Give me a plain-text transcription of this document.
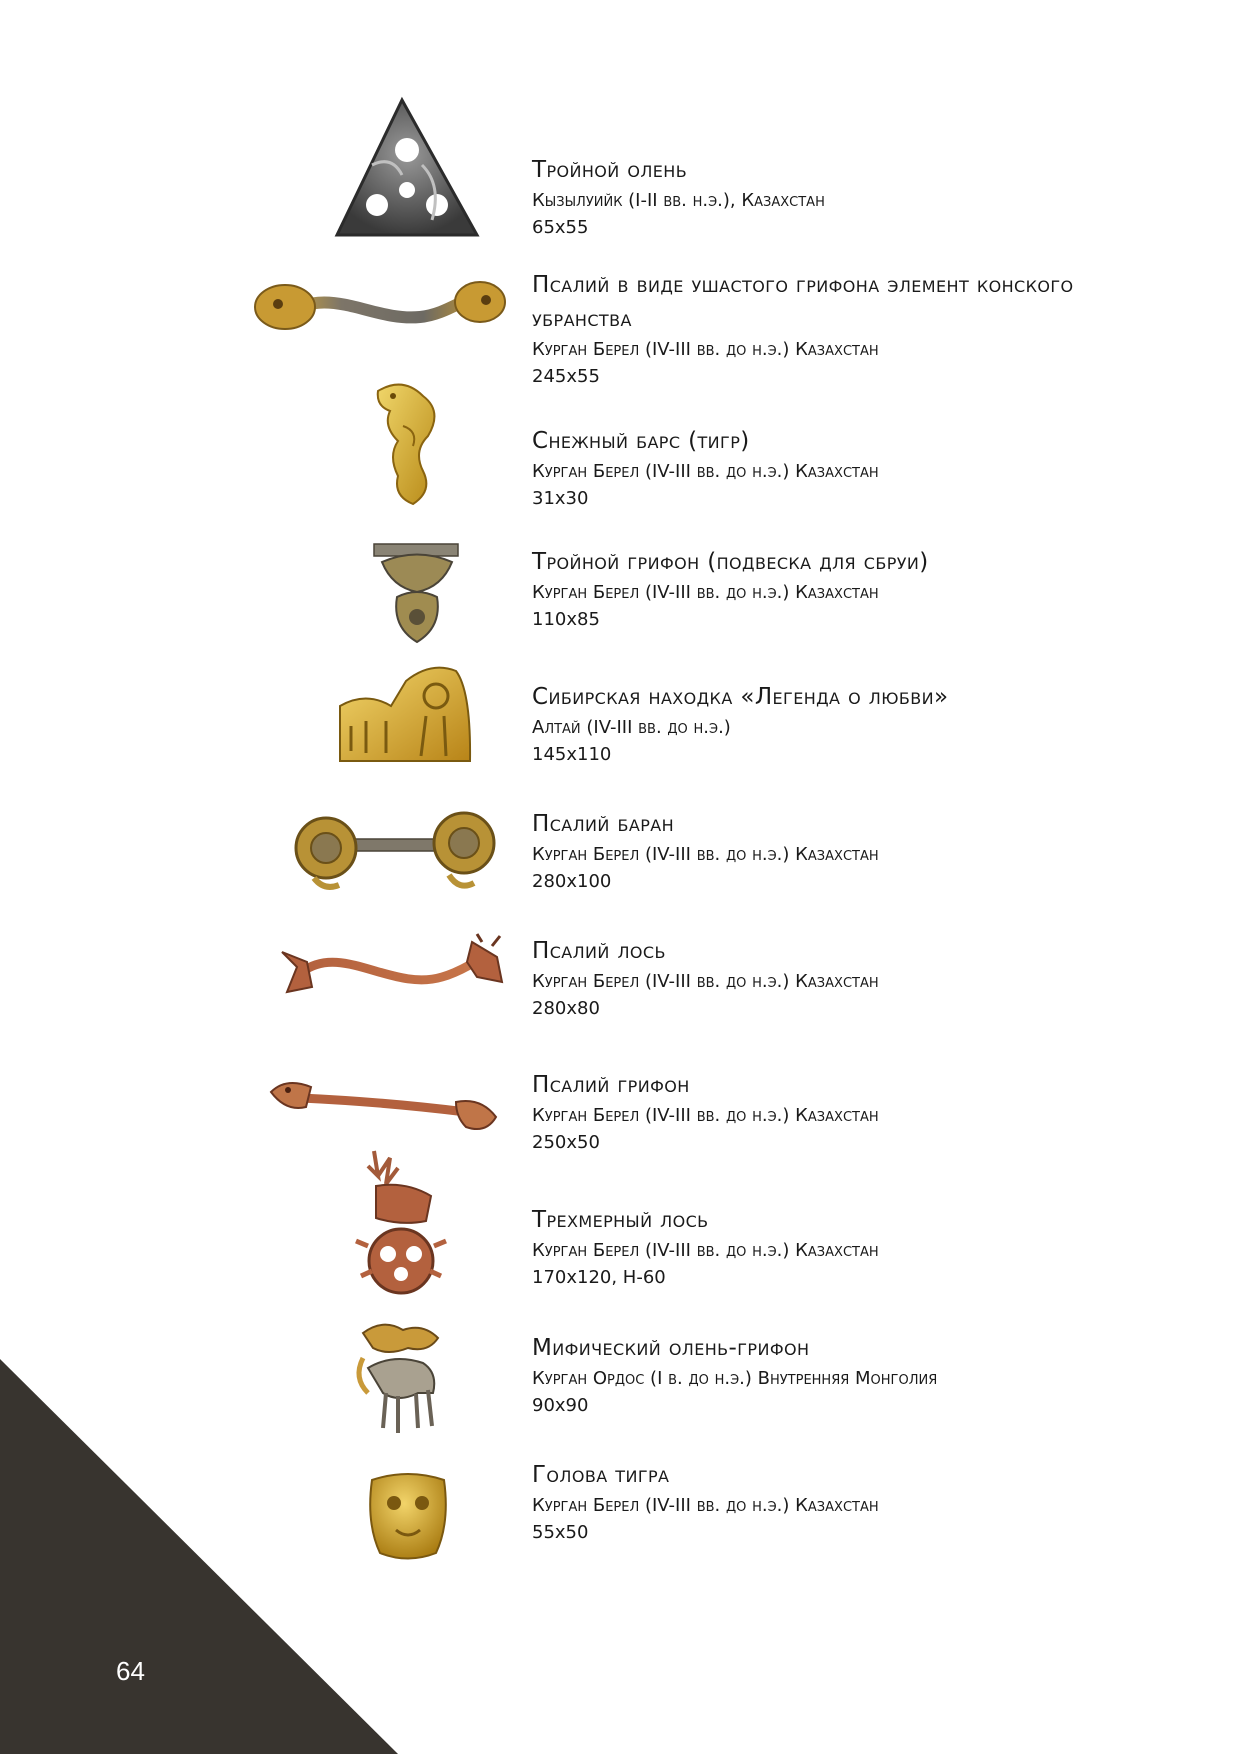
64
Тройной олень
Кызылуийк (I-II вв. н.э.), Казахстан
65х55
Псалий в виде ушастого грифона элемент конского убранства
Курган Берел (IV-III вв. до н.э.) Казахстан
245х55
Снежный барс (тигр)
Курган Берел (IV-III вв. до н.э.) Казахстан
31х30
Тройной грифон (подвеска для сбруи)
Курган Берел (IV-III вв. до н.э.) Казахстан
110х85
Сибирская находка «Легенда о любви»
Алтай (IV-III вв. до н.э.)
145х110
Псалий баран
Курган Берел (IV-III вв. до н.э.) Казахстан
280х100
Псалий лось
Курган Берел (IV-III вв. до н.э.) Казахстан
280х80
Псалий грифон
Курган Берел (IV-III вв. до н.э.) Казахстан
250х50
Трехмерный лось
Курган Берел (IV-III вв. до н.э.) Казахстан
170х120, Н-60
Мифический олень-грифон
Курган Ордос (I в. до н.э.) Внутренняя Монголия
90х90
Голова тигра
Курган Берел (IV-III вв. до н.э.) Казахстан
55х50
